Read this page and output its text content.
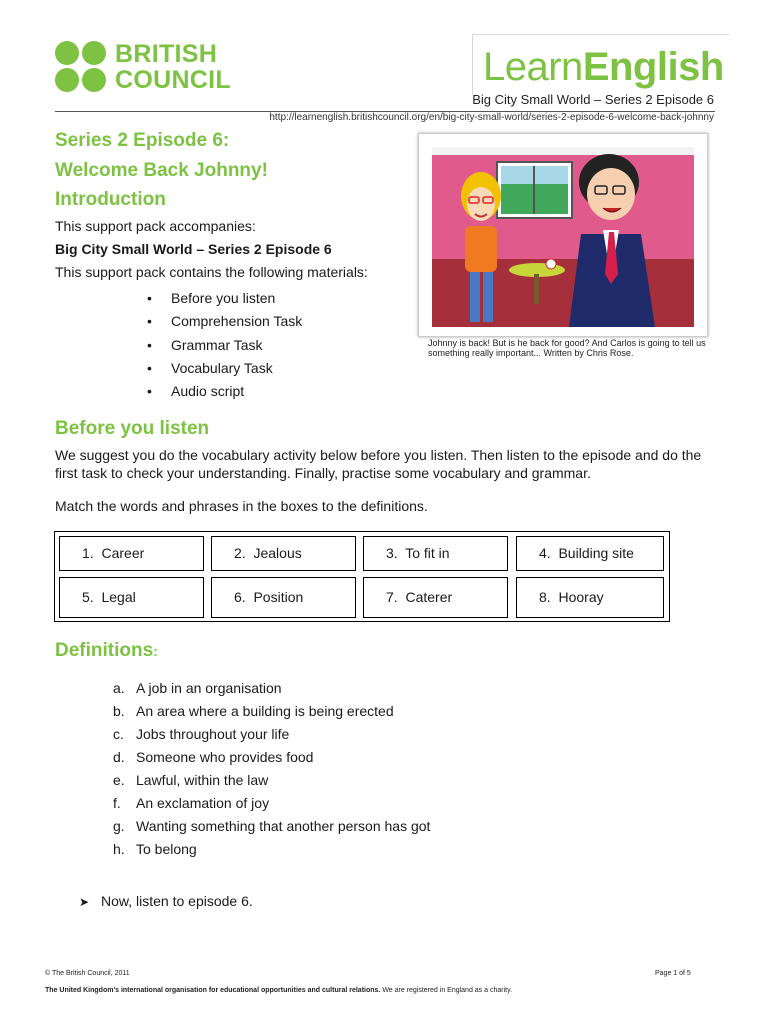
BRITISH
COUNCIL	LearnEnglish
Big City Small World – Series 2 Episode 6
http://learnenglish.britishcouncil.org/en/big-city-small-world/series-2-episode-6-welcome-back-johnny
Series 2 Episode 6:
Welcome Back Johnny!
Introduction
This support pack accompanies:
Big City Small World – Series 2 Episode 6
This support pack contains the following materials:
• Before you listen
• Comprehension Task
• Grammar Task
• Vocabulary Task
• Audio script
Johnny is back! But is he back for good? And Carlos is going to tell us something really important... Written by Chris Rose.
Before you listen
We suggest you do the vocabulary activity below before you listen. Then listen to the episode and do the
first task to check your understanding. Finally, practise some vocabulary and grammar.
Match the words and phrases in the boxes to the definitions.
1. Career	2. Jealous	3. To fit in	4. Building site
5. Legal	6. Position	7. Caterer	8. Hooray
Definitions:
a. A job in an organisation
b. An area where a building is being erected
c. Jobs throughout your life
d. Someone who provides food
e. Lawful, within the law
f. An exclamation of joy
g. Wanting something that another person has got
h. To belong
➤ Now, listen to episode 6.
© The British Council, 2011	Page 1 of 5
The United Kingdom's international organisation for educational opportunities and cultural relations. We are registered in England as a charity.
